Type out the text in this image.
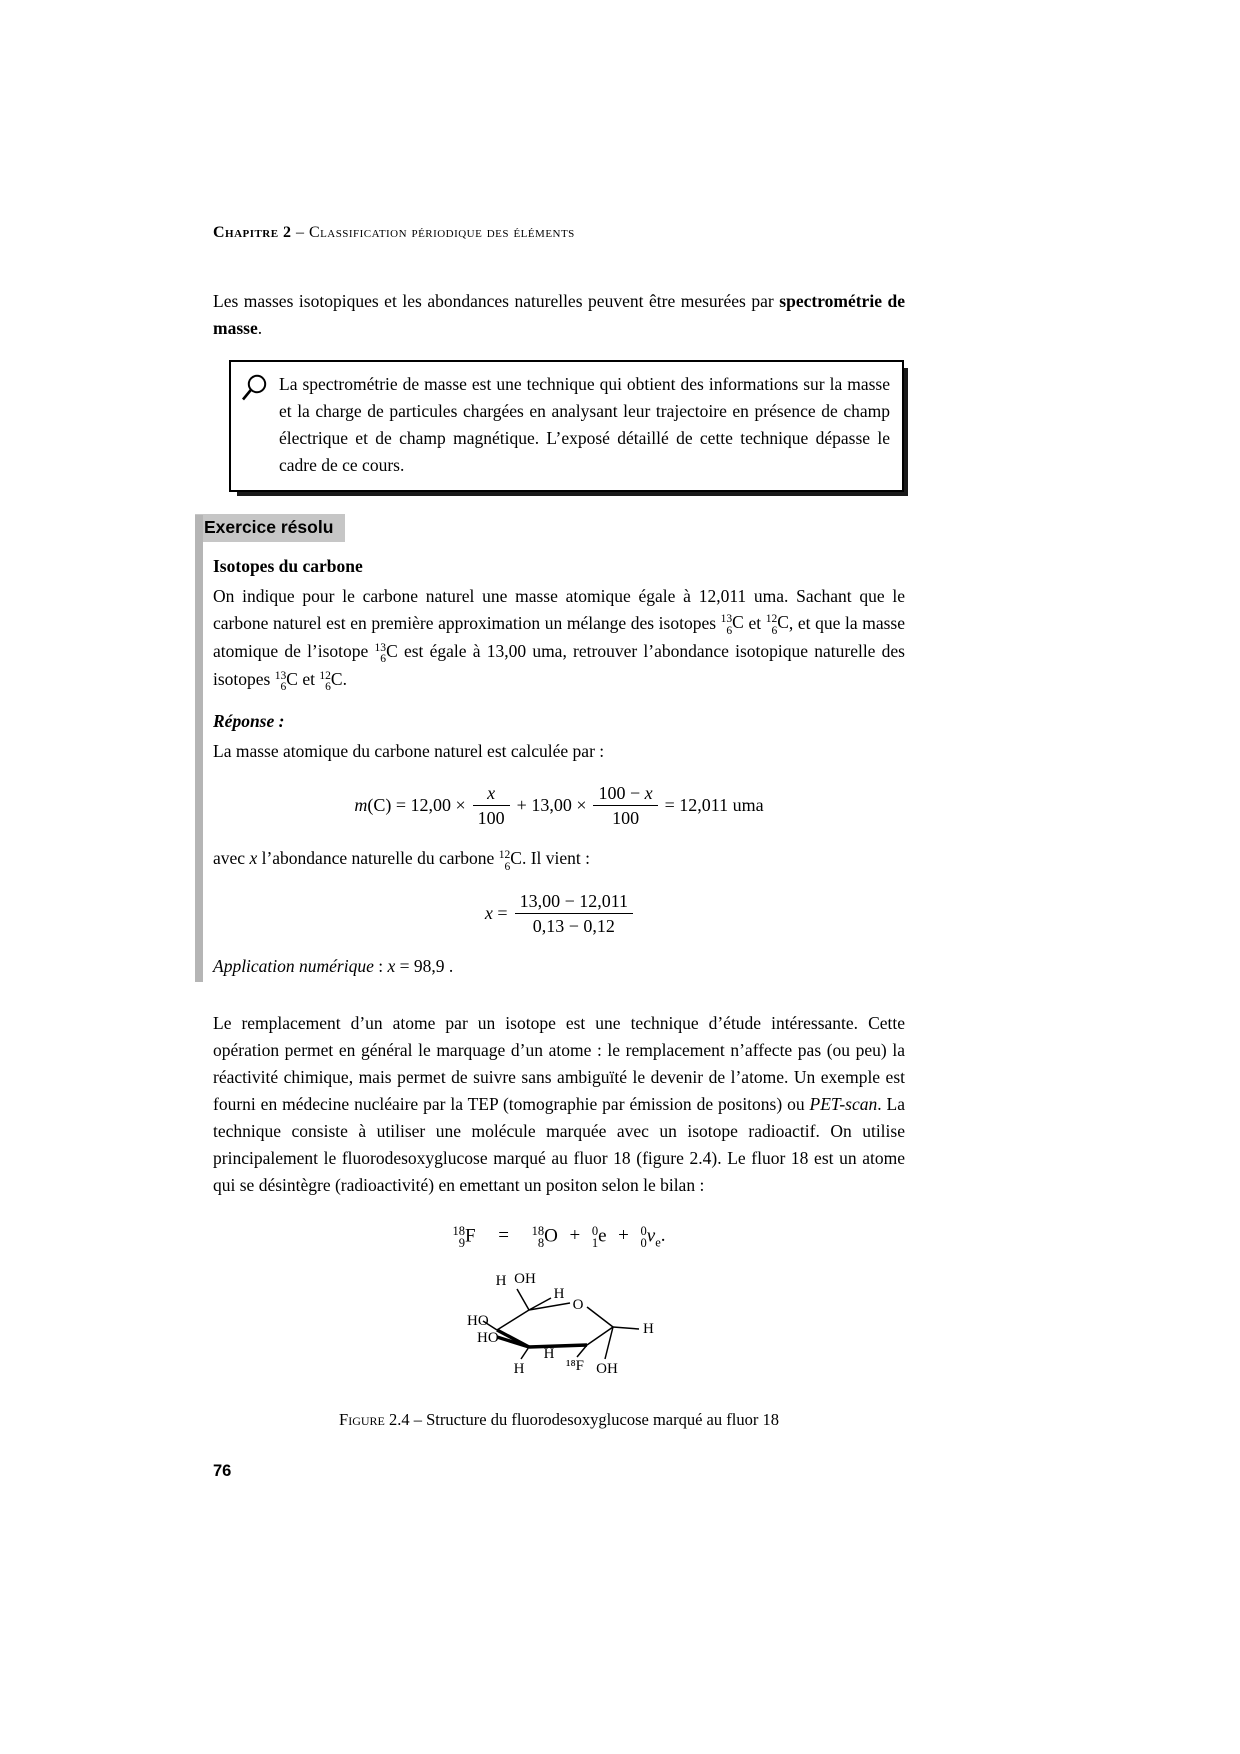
Chapitre 2 – Classification périodique des éléments

Les masses isotopiques et les abondances naturelles peuvent être mesurées par spectrométrie de masse.

La spectrométrie de masse est une technique qui obtient des informations sur la masse et la charge de particules chargées en analysant leur trajectoire en présence de champ électrique et de champ magnétique. L’exposé détaillé de cette technique dépasse le cadre de ce cours.
Exercice résolu
Isotopes du carbone

On indique pour le carbone naturel une masse atomique égale à 12,011 uma. Sachant que le carbone naturel est en première approximation un mélange des isotopes 13
6 C et 12
6 C, et que la masse atomique de l’isotope 13
6 C est égale à 13,00 uma, retrouver l’abondance isotopique naturelle des isotopes 13
6 C et 12
6 C.

Réponse :

La masse atomique du carbone naturel est calculée par :

$m(C) = 12,00 \times \frac{x}{100} + 13,00 \times \frac{100 - x}{100} = 12,011$ uma

avec x l’abondance naturelle du carbone 12
6 C. Il vient :

$x = \frac{13,00 - 12,011}{0,13 - 0,12}$

Application numérique : x = 98,9 .

Le remplacement d’un atome par un isotope est une technique d’étude intéressante. Cette opération permet en général le marquage d’un atome : le remplacement n’affecte pas (ou peu) la réactivité chimique, mais permet de suivre sans ambiguïté le devenir de l’atome. Un exemple est fourni en médecine nucléaire par la TEP (tomographie par émission de positons) ou PET-scan. La technique consiste à utiliser une molécule marquée avec un isotope radioactif. On utilise principalement le fluorodesoxyglucose marqué au fluor 18 (figure 2.4). Le fluor 18 est un atome qui se désintègre (radioactivité) en emettant un positon selon le bilan :

18
9 F = 18
8 O + 0
1 e + 0
0 $\nu_e$.
H OH
H
O
HO
HO
H
H
¹⁸F
H	OH
Figure 2.4 – Structure du fluorodesoxyglucose marqué au fluor 18
76
